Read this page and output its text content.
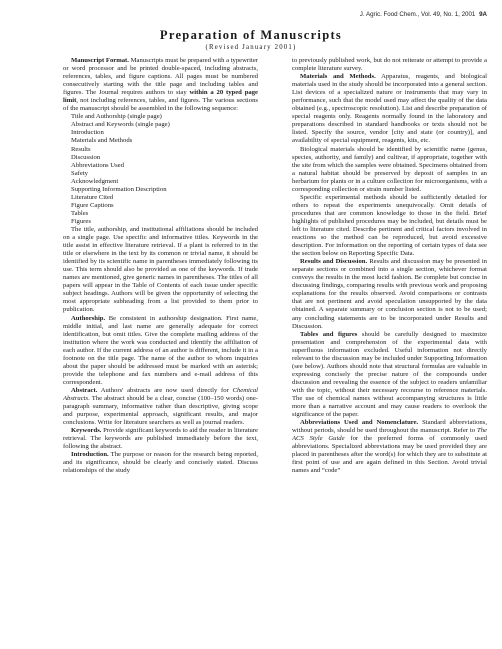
J. Agric. Food Chem., Vol. 49, No. 1, 2001 9A
Preparation of Manuscripts
(Revised January 2001)

Manuscript Format. Manuscripts must be prepared with a typewriter or word processor and be printed double-spaced, including abstracts, references, tables, and figure captions. All pages must be numbered consecutively starting with the title page and including tables and figures. The Journal requires authors to stay within a 20 typed page limit, not including references, tables, and figures. The various sections of the manuscript should be assembled in the following sequence:

Title and Authorship (single page)
Abstract and Keywords (single page)
Introduction
Materials and Methods
Results
Discussion
Abbreviations Used
Safety
Acknowledgment
Supporting Information Description
Literature Cited
Figure Captions
Tables
Figures

The title, authorship, and institutional affiliations should be included on a single page. Use specific and informative titles. Keywords in the title assist in effective literature retrieval. If a plant is referred to in the title or elsewhere in the text by its common or trivial name, it should be identified by its scientific name in parentheses immediately following its use. This term should also be provided as one of the keywords. If trade names are mentioned, give generic names in parentheses. The titles of all papers will appear in the Table of Contents of each issue under specific subject headings. Authors will be given the opportunity of selecting the most appropriate subheading from a list provided to them prior to publication.

Authorship. Be consistent in authorship designation. First name, middle initial, and last name are generally adequate for correct identification, but omit titles. Give the complete mailing address of the institution where the work was conducted and identify the affiliation of each author. If the current address of an author is different, include it in a footnote on the title page. The name of the author to whom inquiries about the paper should be addressed must be marked with an asterisk; provide the telephone and fax numbers and e-mail address of this correspondent.

Abstract. Authors' abstracts are now used directly for Chemical Abstracts. The abstract should be a clear, concise (100–150 words) one-paragraph summary, informative rather than descriptive, giving scope and purpose, experimental approach, significant results, and major conclusions. Write for literature searchers as well as journal readers.

Keywords. Provide significant keywords to aid the reader in literature retrieval. The keywords are published immediately before the text, following the abstract.

Introduction. The purpose or reason for the research being reported, and its significance, should be clearly and concisely stated. Discuss relationships of the study

to previously published work, but do not reiterate or attempt to provide a complete literature survey.

Materials and Methods. Apparatus, reagents, and biological materials used in the study should be incorporated into a general section. List devices of a specialized nature or instruments that may vary in performance, such that the model used may affect the quality of the data obtained (e.g., spectroscopic resolution). List and describe preparation of special reagents only. Reagents normally found in the laboratory and preparations described in standard handbooks or texts should not be listed. Specify the source, vendor [city and state (or country)], and availability of special equipment, reagents, kits, etc.

Biological materials should be identified by scientific name (genus, species, authority, and family) and cultivar, if appropriate, together with the site from which the samples were obtained. Specimens obtained from a natural habitat should be preserved by deposit of samples in an herbarium for plants or in a culture collection for microorganisms, with a corresponding collection or strain number listed.

Specific experimental methods should be sufficiently detailed for others to repeat the experiments unequivocally. Omit details of procedures that are common knowledge to those in the field. Brief highlights of published procedures may be included, but details must be left to literature cited. Describe pertinent and critical factors involved in reactions so the method can be reproduced, but avoid excessive description. For information on the reporting of certain types of data see the section below on Reporting Specific Data.

Results and Discussion. Results and discussion may be presented in separate sections or combined into a single section, whichever format conveys the results in the most lucid fashion. Be complete but concise in discussing findings, comparing results with previous work and proposing explanations for the results observed. Avoid comparisons or contrasts that are not pertinent and avoid speculation unsupported by the data obtained. A separate summary or conclusion section is not to be used; any concluding statements are to be incorporated under Results and Discussion.

Tables and figures should be carefully designed to maximize presentation and comprehension of the experimental data with superfluous information excluded. Useful information not directly relevant to the discussion may be included under Supporting Information (see below). Authors should note that structural formulas are valuable in expressing concisely the precise nature of the compounds under discussion and revealing the essence of the subject to readers unfamiliar with the topic, without their necessary recourse to reference materials. The use of chemical names without accompanying structures is little more than a narrative account and may cause readers to overlook the significance of the paper.

Abbreviations Used and Nomenclature. Standard abbreviations, without periods, should be used throughout the manuscript. Refer to The ACS Style Guide for the preferred forms of commonly used abbreviations. Specialized abbreviations may be used provided they are placed in parentheses after the word(s) for which they are to substitute at first point of use and are again defined in this Section. Avoid trivial names and “code”
